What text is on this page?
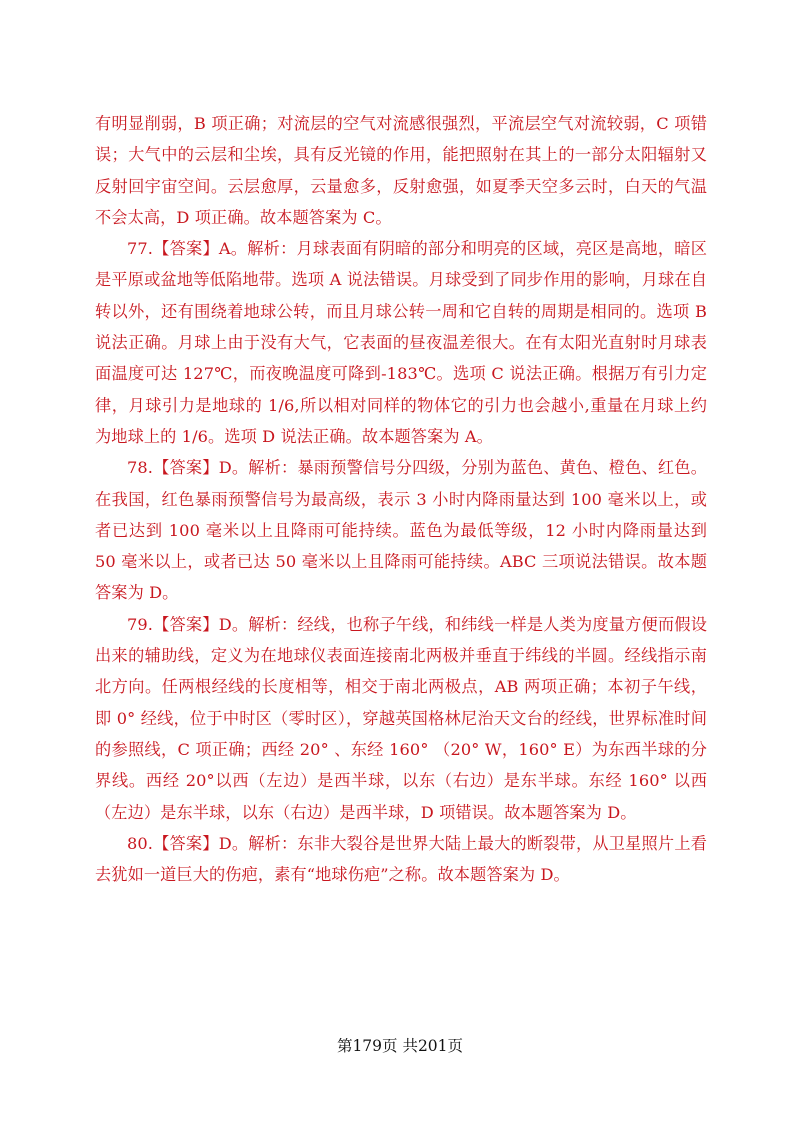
有明显削弱，B 项正确；对流层的空气对流感很强烈，平流层空气对流较弱，C 项错误；大气中的云层和尘埃，具有反光镜的作用，能把照射在其上的一部分太阳辐射又反射回宇宙空间。云层愈厚，云量愈多，反射愈强，如夏季天空多云时，白天的气温不会太高，D 项正确。故本题答案为 C。

77.【答案】A。解析：月球表面有阴暗的部分和明亮的区域，亮区是高地，暗区是平原或盆地等低陷地带。选项 A 说法错误。月球受到了同步作用的影响，月球在自转以外，还有围绕着地球公转，而且月球公转一周和它自转的周期是相同的。选项 B 说法正确。月球上由于没有大气，它表面的昼夜温差很大。在有太阳光直射时月球表面温度可达 127℃，而夜晚温度可降到-183℃。选项 C 说法正确。根据万有引力定律，月球引力是地球的 1/6,所以相对同样的物体它的引力也会越小,重量在月球上约为地球上的 1/6。选项 D 说法正确。故本题答案为 A。

78.【答案】D。解析：暴雨预警信号分四级，分别为蓝色、黄色、橙色、红色。在我国，红色暴雨预警信号为最高级，表示 3 小时内降雨量达到 100 毫米以上，或者已达到 100 毫米以上且降雨可能持续。蓝色为最低等级，12 小时内降雨量达到 50 毫米以上，或者已达 50 毫米以上且降雨可能持续。ABC 三项说法错误。故本题答案为 D。

79.【答案】D。解析：经线，也称子午线，和纬线一样是人类为度量方便而假设出来的辅助线，定义为在地球仪表面连接南北两极并垂直于纬线的半圆。经线指示南北方向。任两根经线的长度相等，相交于南北两极点，AB 两项正确；本初子午线，即 0° 经线，位于中时区（零时区），穿越英国格林尼治天文台的经线，世界标准时间的参照线，C 项正确；西经 20° 、东经 160° （20° W，160° E）为东西半球的分界线。西经 20°以西（左边）是西半球，以东（右边）是东半球。东经 160° 以西（左边）是东半球，以东（右边）是西半球，D 项错误。故本题答案为 D。

80.【答案】D。解析：东非大裂谷是世界大陆上最大的断裂带，从卫星照片上看去犹如一道巨大的伤疤，素有“地球伤疤”之称。故本题答案为 D。

第179页 共201页
